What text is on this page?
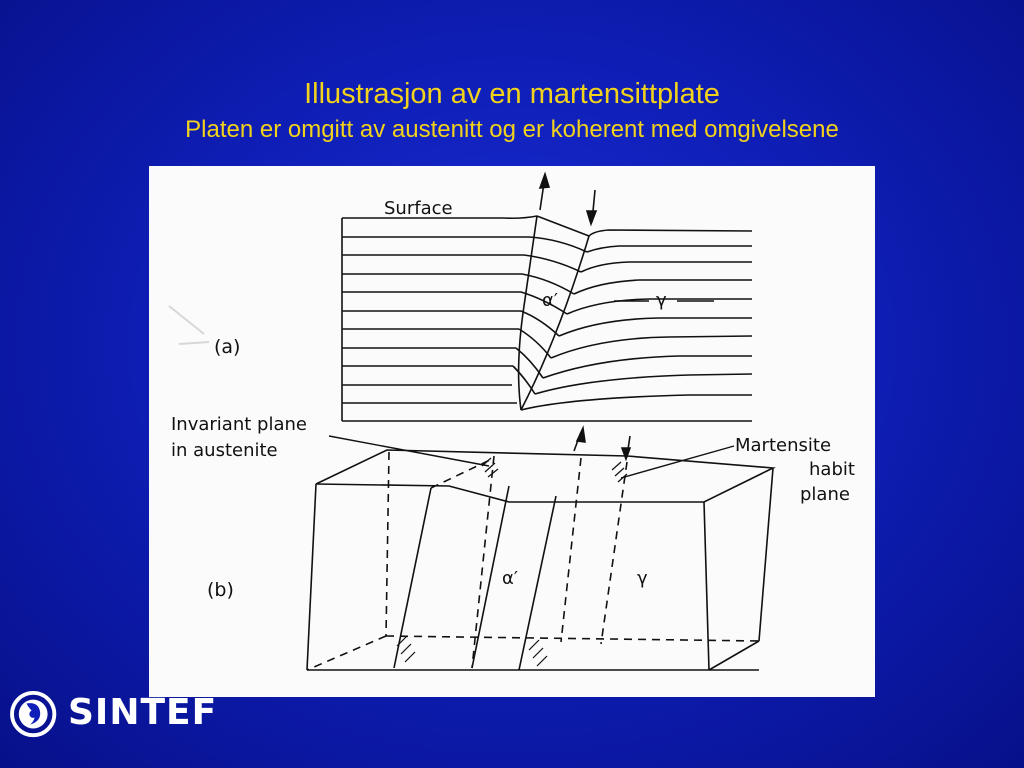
Illustrasjon av en martensittplate
Platen er omgitt av austenitt og er koherent med omgivelsene
Surface
α′	γ
(a)
Invariant plane
in austenite	Martensite
habit
plane
α′	γ
(b)
SINTEF
